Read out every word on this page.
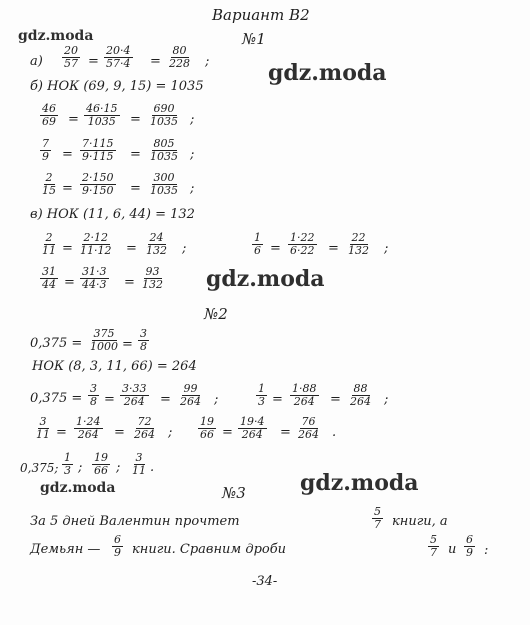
Вариант В2
gdz.moda
gdz.moda
gdz.moda
gdz.moda	gdz.moda
№1
$а) \frac{20}{57} = \frac{20\cdot 4}{57\cdot 4} = \frac{80}{228}$ ;
б) НОК (69, 9, 15) = 1035
$\frac{46}{69} = \frac{46\cdot 15}{1035} = \frac{690}{1035}$ ;
$\frac{7}{9} = \frac{7\cdot 115}{9\cdot 115} = \frac{805}{1035}$ ;
$\frac{2}{15} = \frac{2\cdot 150}{9\cdot 150} = \frac{300}{1035}$ ;
в) НОК (11, 6, 44) = 132
$\frac{2}{11} = \frac{2\cdot 12}{11\cdot 12} = \frac{24}{132}$ ;	$\frac{1}{6} = \frac{1\cdot 22}{6\cdot 22} = \frac{22}{132}$ ;
$\frac{31}{44} = \frac{31\cdot 3}{44\cdot 3} = \frac{93}{132}$
№2
$0,375 = \frac{375}{1000} = \frac{3}{8}$
НОК (8, 3, 11, 66) = 264
$0,375 = \frac{3}{8} = \frac{3\cdot 33}{264} = \frac{99}{264}$ ;	$\frac{1}{3} = \frac{1\cdot 88}{264} = \frac{88}{264}$ ;
$\frac{3}{11} = \frac{1\cdot 24}{264} = \frac{72}{264}$ ; $\frac{19}{66} = \frac{19\cdot 4}{264} = \frac{76}{264}$ .
0,375; $\frac{1}{3}$ ; $\frac{19}{66}$ ; $\frac{3}{11}$ .
№3
За 5 дней Валентин прочтет	$\frac{5}{7}$ книги, а
Демьян — $\frac{6}{9}$ книги. Сравним дроби	$\frac{5}{7}$ и $\frac{6}{9}$ :
-34-
